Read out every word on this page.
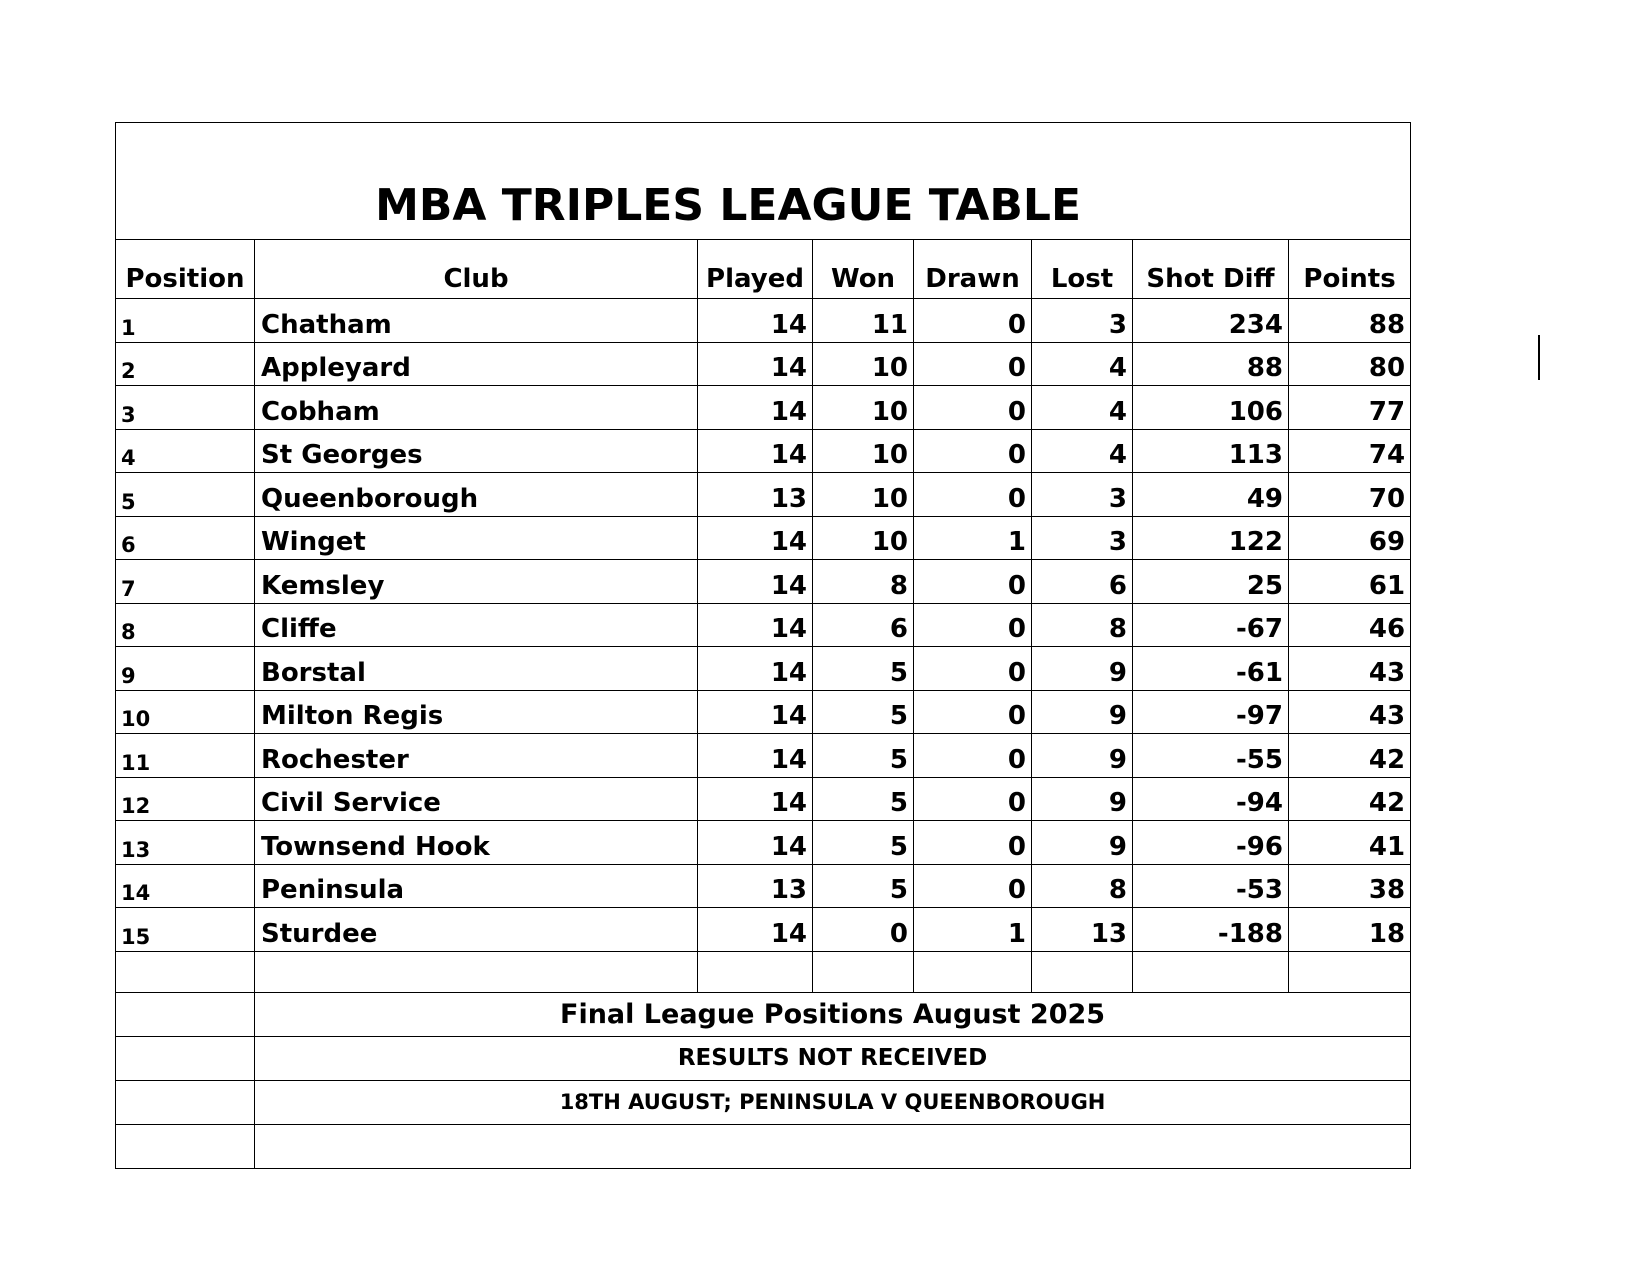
MBA TRIPLES LEAGUE TABLE							
Position	Club	Played	Won	Drawn	Lost	Shot Diff	Points
1	Chatham	14	11	0	3	234	88
2	Appleyard	14	10	0	4	88	80
3	Cobham	14	10	0	4	106	77
4	St Georges	14	10	0	4	113	74
5	Queenborough	13	10	0	3	49	70
6	Winget	14	10	1	3	122	69
7	Kemsley	14	8	0	6	25	61
8	Cliffe	14	6	0	8	-67	46
9	Borstal	14	5	0	9	-61	43
10	Milton Regis	14	5	0	9	-97	43
11	Rochester	14	5	0	9	-55	42
12	Civil Service	14	5	0	9	-94	42
13	Townsend Hook	14	5	0	9	-96	41
14	Peninsula	13	5	0	8	-53	38
15	Sturdee	14	0	1	13	-188	18

	Final League Positions August 2025						
	RESULTS NOT RECEIVED						
	18TH AUGUST; PENINSULA V QUEENBOROUGH						
